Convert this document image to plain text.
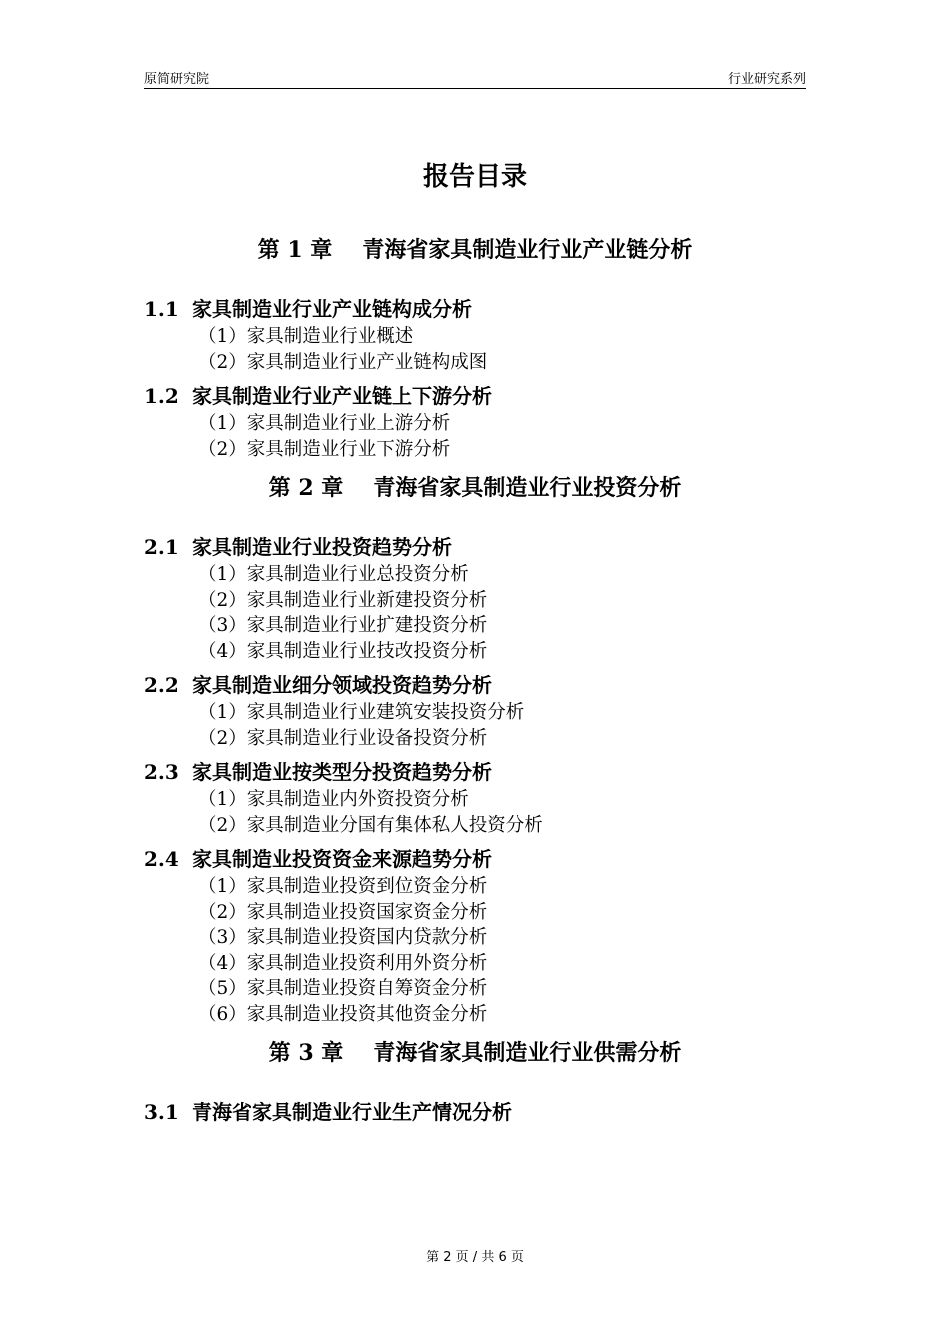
原简研究院	行业研究系列
报告目录
第 1 章 青海省家具制造业行业产业链分析
1.1 家具制造业行业产业链构成分析
（1）家具制造业行业概述
（2）家具制造业行业产业链构成图
1.2 家具制造业行业产业链上下游分析
（1）家具制造业行业上游分析
（2）家具制造业行业下游分析
第 2 章 青海省家具制造业行业投资分析
2.1 家具制造业行业投资趋势分析
（1）家具制造业行业总投资分析
（2）家具制造业行业新建投资分析
（3）家具制造业行业扩建投资分析
（4）家具制造业行业技改投资分析
2.2 家具制造业细分领域投资趋势分析
（1）家具制造业行业建筑安装投资分析
（2）家具制造业行业设备投资分析
2.3 家具制造业按类型分投资趋势分析
（1）家具制造业内外资投资分析
（2）家具制造业分国有集体私人投资分析
2.4 家具制造业投资资金来源趋势分析
（1）家具制造业投资到位资金分析
（2）家具制造业投资国家资金分析
（3）家具制造业投资国内贷款分析
（4）家具制造业投资利用外资分析
（5）家具制造业投资自筹资金分析
（6）家具制造业投资其他资金分析
第 3 章 青海省家具制造业行业供需分析
3.1 青海省家具制造业行业生产情况分析
第 2 页 / 共 6 页
